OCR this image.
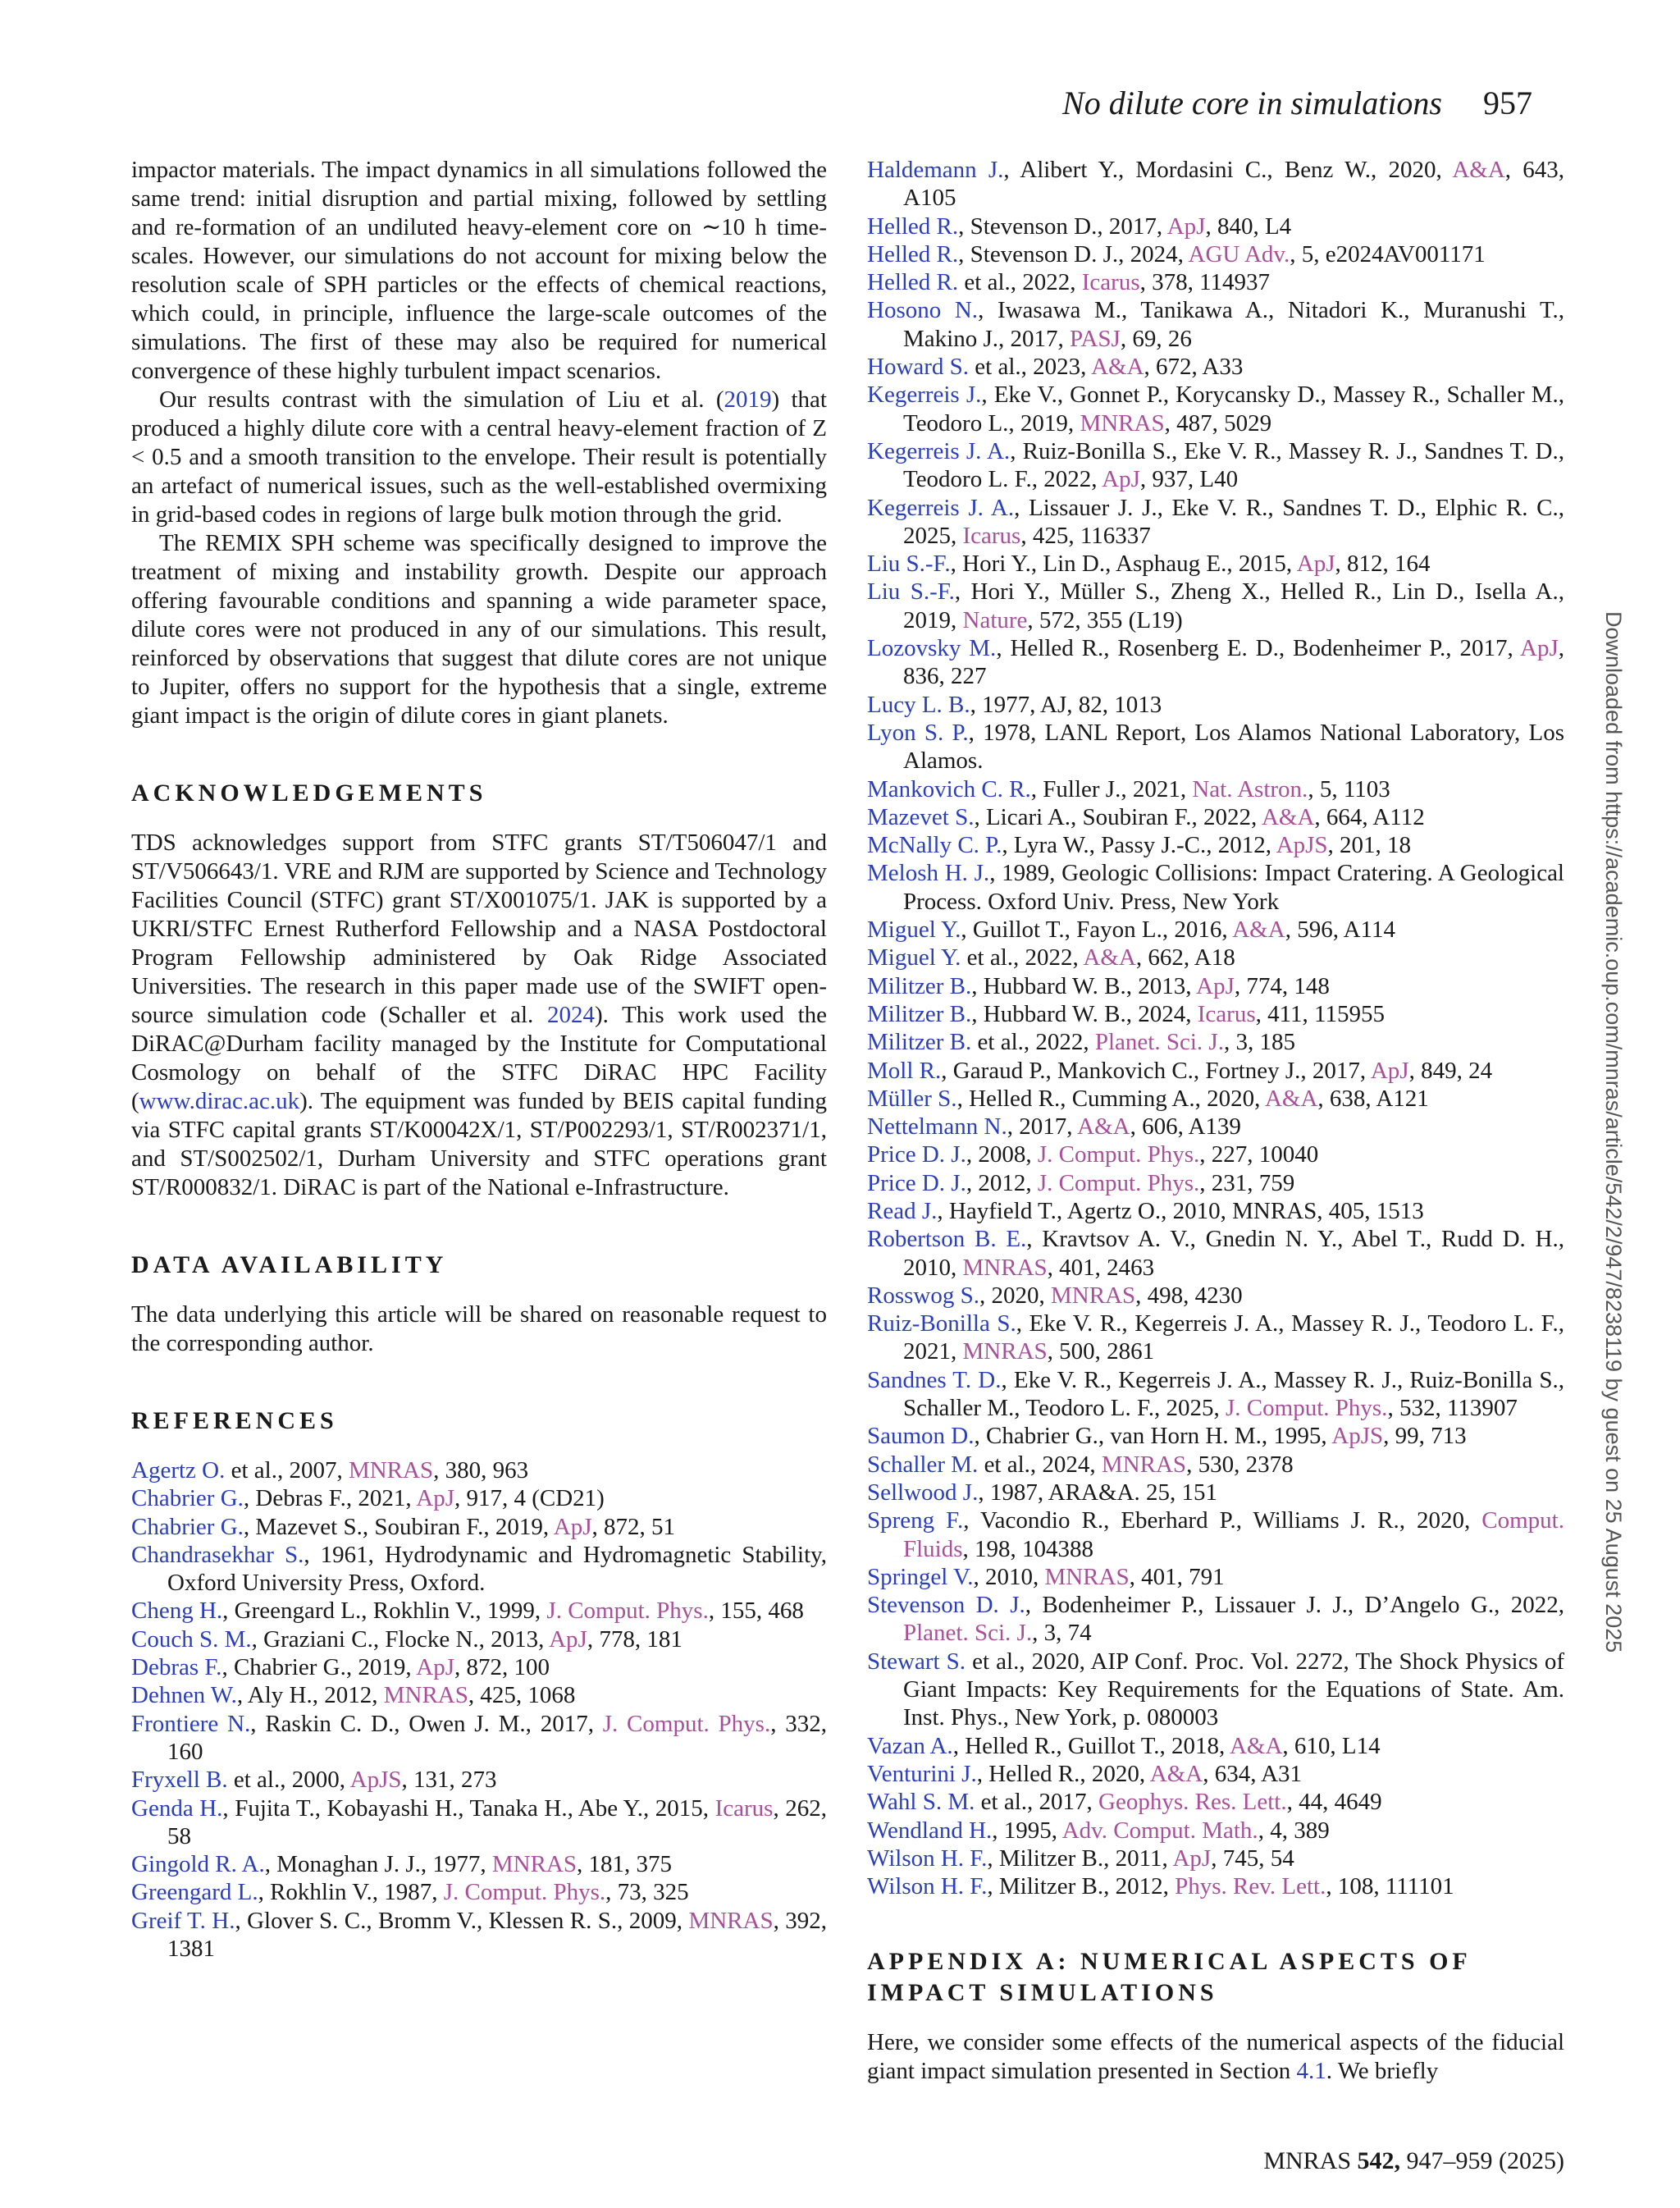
No dilute core in simulations 957
Downloaded from https://academic.oup.com/mnras/article/542/2/947/8238119 by guest on 25 August 2025

impactor materials. The impact dynamics in all simulations followed the same trend: initial disruption and partial mixing, followed by settling and re-formation of an undiluted heavy-element core on ∼10 h time-scales. However, our simulations do not account for mixing below the resolution scale of SPH particles or the effects of chemical reactions, which could, in principle, influence the large-scale outcomes of the simulations. The first of these may also be required for numerical convergence of these highly turbulent impact scenarios.

Our results contrast with the simulation of Liu et al. (2019) that produced a highly dilute core with a central heavy-element fraction of Z < 0.5 and a smooth transition to the envelope. Their result is potentially an artefact of numerical issues, such as the well-established overmixing in grid-based codes in regions of large bulk motion through the grid.

The REMIX SPH scheme was specifically designed to improve the treatment of mixing and instability growth. Despite our approach offering favourable conditions and spanning a wide parameter space, dilute cores were not produced in any of our simulations. This result, reinforced by observations that suggest that dilute cores are not unique to Jupiter, offers no support for the hypothesis that a single, extreme giant impact is the origin of dilute cores in giant planets.

ACKNOWLEDGEMENTS

TDS acknowledges support from STFC grants ST/T506047/1 and ST/V506643/1. VRE and RJM are supported by Science and Technology Facilities Council (STFC) grant ST/X001075/1. JAK is supported by a UKRI/STFC Ernest Rutherford Fellowship and a NASA Postdoctoral Program Fellowship administered by Oak Ridge Associated Universities. The research in this paper made use of the SWIFT open-source simulation code (Schaller et al. 2024). This work used the DiRAC@Durham facility managed by the Institute for Computational Cosmology on behalf of the STFC DiRAC HPC Facility (www.dirac.ac.uk). The equipment was funded by BEIS capital funding via STFC capital grants ST/K00042X/1, ST/P002293/1, ST/R002371/1, and ST/S002502/1, Durham University and STFC operations grant ST/R000832/1. DiRAC is part of the National e-Infrastructure.

DATA AVAILABILITY

The data underlying this article will be shared on reasonable request to the corresponding author.

REFERENCES
Agertz O. et al., 2007, MNRAS, 380, 963
Chabrier G., Debras F., 2021, ApJ, 917, 4 (CD21)
Chabrier G., Mazevet S., Soubiran F., 2019, ApJ, 872, 51
Chandrasekhar S., 1961, Hydrodynamic and Hydromagnetic Stability, Oxford University Press, Oxford.
Cheng H., Greengard L., Rokhlin V., 1999, J. Comput. Phys., 155, 468
Couch S. M., Graziani C., Flocke N., 2013, ApJ, 778, 181
Debras F., Chabrier G., 2019, ApJ, 872, 100
Dehnen W., Aly H., 2012, MNRAS, 425, 1068
Frontiere N., Raskin C. D., Owen J. M., 2017, J. Comput. Phys., 332, 160
Fryxell B. et al., 2000, ApJS, 131, 273
Genda H., Fujita T., Kobayashi H., Tanaka H., Abe Y., 2015, Icarus, 262, 58
Gingold R. A., Monaghan J. J., 1977, MNRAS, 181, 375
Greengard L., Rokhlin V., 1987, J. Comput. Phys., 73, 325
Greif T. H., Glover S. C., Bromm V., Klessen R. S., 2009, MNRAS, 392, 1381
Haldemann J., Alibert Y., Mordasini C., Benz W., 2020, A&A, 643, A105
Helled R., Stevenson D., 2017, ApJ, 840, L4
Helled R., Stevenson D. J., 2024, AGU Adv., 5, e2024AV001171
Helled R. et al., 2022, Icarus, 378, 114937
Hosono N., Iwasawa M., Tanikawa A., Nitadori K., Muranushi T., Makino J., 2017, PASJ, 69, 26
Howard S. et al., 2023, A&A, 672, A33
Kegerreis J., Eke V., Gonnet P., Korycansky D., Massey R., Schaller M., Teodoro L., 2019, MNRAS, 487, 5029
Kegerreis J. A., Ruiz-Bonilla S., Eke V. R., Massey R. J., Sandnes T. D., Teodoro L. F., 2022, ApJ, 937, L40
Kegerreis J. A., Lissauer J. J., Eke V. R., Sandnes T. D., Elphic R. C., 2025, Icarus, 425, 116337
Liu S.-F., Hori Y., Lin D., Asphaug E., 2015, ApJ, 812, 164
Liu S.-F., Hori Y., Müller S., Zheng X., Helled R., Lin D., Isella A., 2019, Nature, 572, 355 (L19)
Lozovsky M., Helled R., Rosenberg E. D., Bodenheimer P., 2017, ApJ, 836, 227
Lucy L. B., 1977, AJ, 82, 1013
Lyon S. P., 1978, LANL Report, Los Alamos National Laboratory, Los Alamos.
Mankovich C. R., Fuller J., 2021, Nat. Astron., 5, 1103
Mazevet S., Licari A., Soubiran F., 2022, A&A, 664, A112
McNally C. P., Lyra W., Passy J.-C., 2012, ApJS, 201, 18
Melosh H. J., 1989, Geologic Collisions: Impact Cratering. A Geological Process. Oxford Univ. Press, New York
Miguel Y., Guillot T., Fayon L., 2016, A&A, 596, A114
Miguel Y. et al., 2022, A&A, 662, A18
Militzer B., Hubbard W. B., 2013, ApJ, 774, 148
Militzer B., Hubbard W. B., 2024, Icarus, 411, 115955
Militzer B. et al., 2022, Planet. Sci. J., 3, 185
Moll R., Garaud P., Mankovich C., Fortney J., 2017, ApJ, 849, 24
Müller S., Helled R., Cumming A., 2020, A&A, 638, A121
Nettelmann N., 2017, A&A, 606, A139
Price D. J., 2008, J. Comput. Phys., 227, 10040
Price D. J., 2012, J. Comput. Phys., 231, 759
Read J., Hayfield T., Agertz O., 2010, MNRAS, 405, 1513
Robertson B. E., Kravtsov A. V., Gnedin N. Y., Abel T., Rudd D. H., 2010, MNRAS, 401, 2463
Rosswog S., 2020, MNRAS, 498, 4230
Ruiz-Bonilla S., Eke V. R., Kegerreis J. A., Massey R. J., Teodoro L. F., 2021, MNRAS, 500, 2861
Sandnes T. D., Eke V. R., Kegerreis J. A., Massey R. J., Ruiz-Bonilla S., Schaller M., Teodoro L. F., 2025, J. Comput. Phys., 532, 113907
Saumon D., Chabrier G., van Horn H. M., 1995, ApJS, 99, 713
Schaller M. et al., 2024, MNRAS, 530, 2378
Sellwood J., 1987, ARA&A. 25, 151
Spreng F., Vacondio R., Eberhard P., Williams J. R., 2020, Comput. Fluids, 198, 104388
Springel V., 2010, MNRAS, 401, 791
Stevenson D. J., Bodenheimer P., Lissauer J. J., D’Angelo G., 2022, Planet. Sci. J., 3, 74
Stewart S. et al., 2020, AIP Conf. Proc. Vol. 2272, The Shock Physics of Giant Impacts: Key Requirements for the Equations of State. Am. Inst. Phys., New York, p. 080003
Vazan A., Helled R., Guillot T., 2018, A&A, 610, L14
Venturini J., Helled R., 2020, A&A, 634, A31
Wahl S. M. et al., 2017, Geophys. Res. Lett., 44, 4649
Wendland H., 1995, Adv. Comput. Math., 4, 389
Wilson H. F., Militzer B., 2011, ApJ, 745, 54
Wilson H. F., Militzer B., 2012, Phys. Rev. Lett., 108, 111101
APPENDIX A: NUMERICAL ASPECTS OF IMPACT SIMULATIONS

Here, we consider some effects of the numerical aspects of the fiducial giant impact simulation presented in Section 4.1. We briefly

MNRAS 542, 947–959 (2025)
